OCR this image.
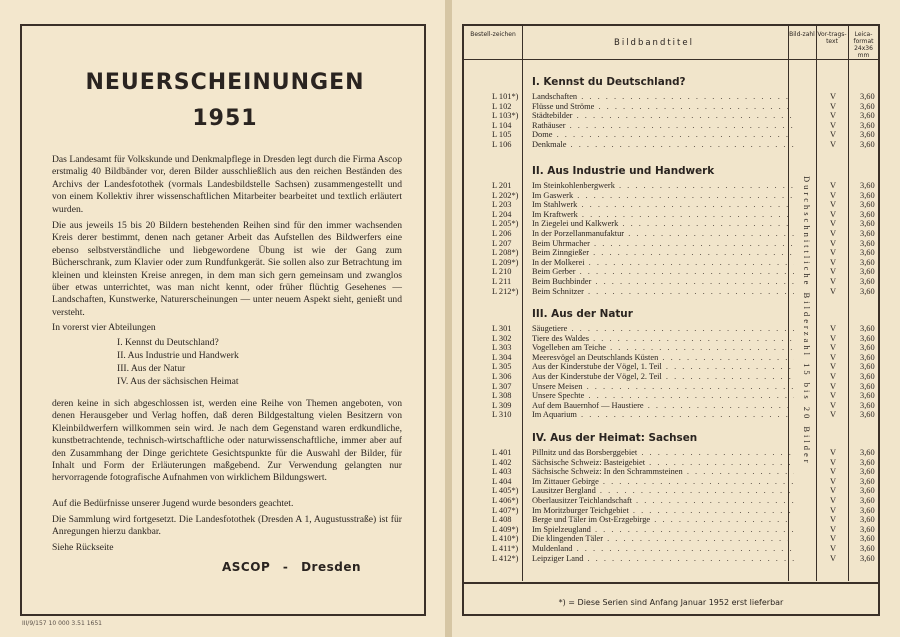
NEUERSCHEINUNGEN
1951
Das Landesamt für Volkskunde und Denkmalpflege in Dresden legt durch die Firma Ascop erstmalig 40 Bildbänder vor, deren Bilder ausschließlich aus den reichen Beständen des Archivs der Landesfotothek (vormals Landesbildstelle Sachsen) zusammengestellt und von einem Kollektiv ihrer wissenschaftlichen Mitarbeiter bearbeitet und textlich erläutert wurden.
Die aus jeweils 15 bis 20 Bildern bestehenden Reihen sind für den immer wachsenden Kreis derer bestimmt, denen nach getaner Arbeit das Aufstellen des Bildwerfers eine ebenso selbstverständliche und liebgewordene Übung ist wie der Gang zum Bücherschrank, zum Klavier oder zum Rundfunkgerät. Sie sollen also zur Betrachtung im kleinen und kleinsten Kreise anregen, in dem man sich gern gemeinsam und zwanglos über etwas unterrichtet, was man nicht kennt, oder früher flüchtig Gesehenes — Landschaften, Kunstwerke, Naturerscheinungen — unter neuem Aspekt sieht, genießt und versteht.
In vorerst vier Abteilungen
I. Kennst du Deutschland?
II. Aus Industrie und Handwerk
III. Aus der Natur
IV. Aus der sächsischen Heimat
deren keine in sich abgeschlossen ist, werden eine Reihe von Themen angeboten, von denen Herausgeber und Verlag hoffen, daß deren Bildgestaltung vielen Besitzern von Kleinbildwerfern willkommen sein wird. Je nach dem Gegenstand waren erdkundliche, kunstbetrachtende, technisch-wirtschaftliche oder naturwissenschaftliche, immer aber auf den Zusammhang der Dinge gerichtete Gesichtspunkte für die Auswahl der Bilder, für Inhalt und Form der Erläuterungen maßgebend. Zur Verwendung gelangten nur hervorragende fotografische Aufnahmen von wirklichem Bildungswert.
Auf die Bedürfnisse unserer Jugend wurde besonders geachtet.
Die Sammlung wird fortgesetzt. Die Landesfotothek (Dresden A 1, Augustusstraße) ist für Anregungen hierzu dankbar.
Siehe Rückseite
ASCOP - Dresden
III/9/157 10 000 3.51 1651
Bestell-zeichen
Bildbandtitel
Bild-zahl Vor-trags-text
Leica-format 24x36 mm
Durchschnittliche Bilderzahl 15 bis 20 Bilder
I. Kennst du Deutschland?
L 101*) Landschaften . . .	V	3,60
L 102 Flüsse und Ströme . . .	V	3,60
L 103*) Städtebilder . . .	V	3,60
L 104 Rathäuser . . .	V	3,60
L 105 Dome . . .	V	3,60
L 106 Denkmale . . .	V	3,60
II. Aus Industrie und Handwerk
L 201 Im Steinkohlenbergwerk . . .	V	3,60
L 202*) Im Gaswerk . . .	V	3,60
L 203 Im Stahlwerk . . .	V	3,60
L 204 Im Kraftwerk . . .	V	3,60
L 205*) In Ziegelei und Kalkwerk . . .	V	3,60
L 206 In der Porzellanmanufaktur . . .	V	3,60
L 207 Beim Uhrmacher . . .	V	3,60
L 208*) Beim Zinngießer . . .	V	3,60
L 209*) In der Molkerei . . .	V	3,60
L 210 Beim Gerber . . .	V	3,60
L 211 Beim Buchbinder . . .	V	3,60
L 212*) Beim Schnitzer . . .	V	3,60
III. Aus der Natur
L 301 Säugetiere . . .	V	3,60
L 302 Tiere des Waldes . . .	V	3,60
L 303 Vogelleben am Teiche . . .	V	3,60
L 304 Meeresvögel an Deutschlands Küsten . . .	V	3,60
L 305 Aus der Kinderstube der Vögel, 1. Teil . . .	V	3,60
L 306 Aus der Kinderstube der Vögel, 2. Teil . . .	V	3,60
L 307 Unsere Meisen . . .	V	3,60
L 308 Unsere Spechte . . .	V	3,60
L 309 Auf dem Bauernhof — Haustiere . . .	V	3,60
L 310 Im Aquarium . . .	V	3,60
IV. Aus der Heimat: Sachsen
L 401 Pillnitz und das Borsberggebiet . . .	V	3,60
L 402 Sächsische Schweiz: Basteigebiet . . .	V	3,60
L 403 Sächsische Schweiz: In den Schrammsteinen . . .	V	3,60
L 404 Im Zittauer Gebirge . . .	V	3,60
L 405*) Lausitzer Bergland . . .	V	3,60
L 406*) Oberlausitzer Teichlandschaft . . .	V	3,60
L 407*) Im Moritzburger Teichgebiet . . .	V	3,60
L 408 Berge und Täler im Ost-Erzgebirge . . .	V	3,60
L 409*) Im Spielzeugland . . .	V	3,60
L 410*) Die klingenden Täler . . .	V	3,60
L 411*) Muldenland . . .	V	3,60
L 412*) Leipziger Land . . .	V	3,60
*) = Diese Serien sind Anfang Januar 1952 erst lieferbar
